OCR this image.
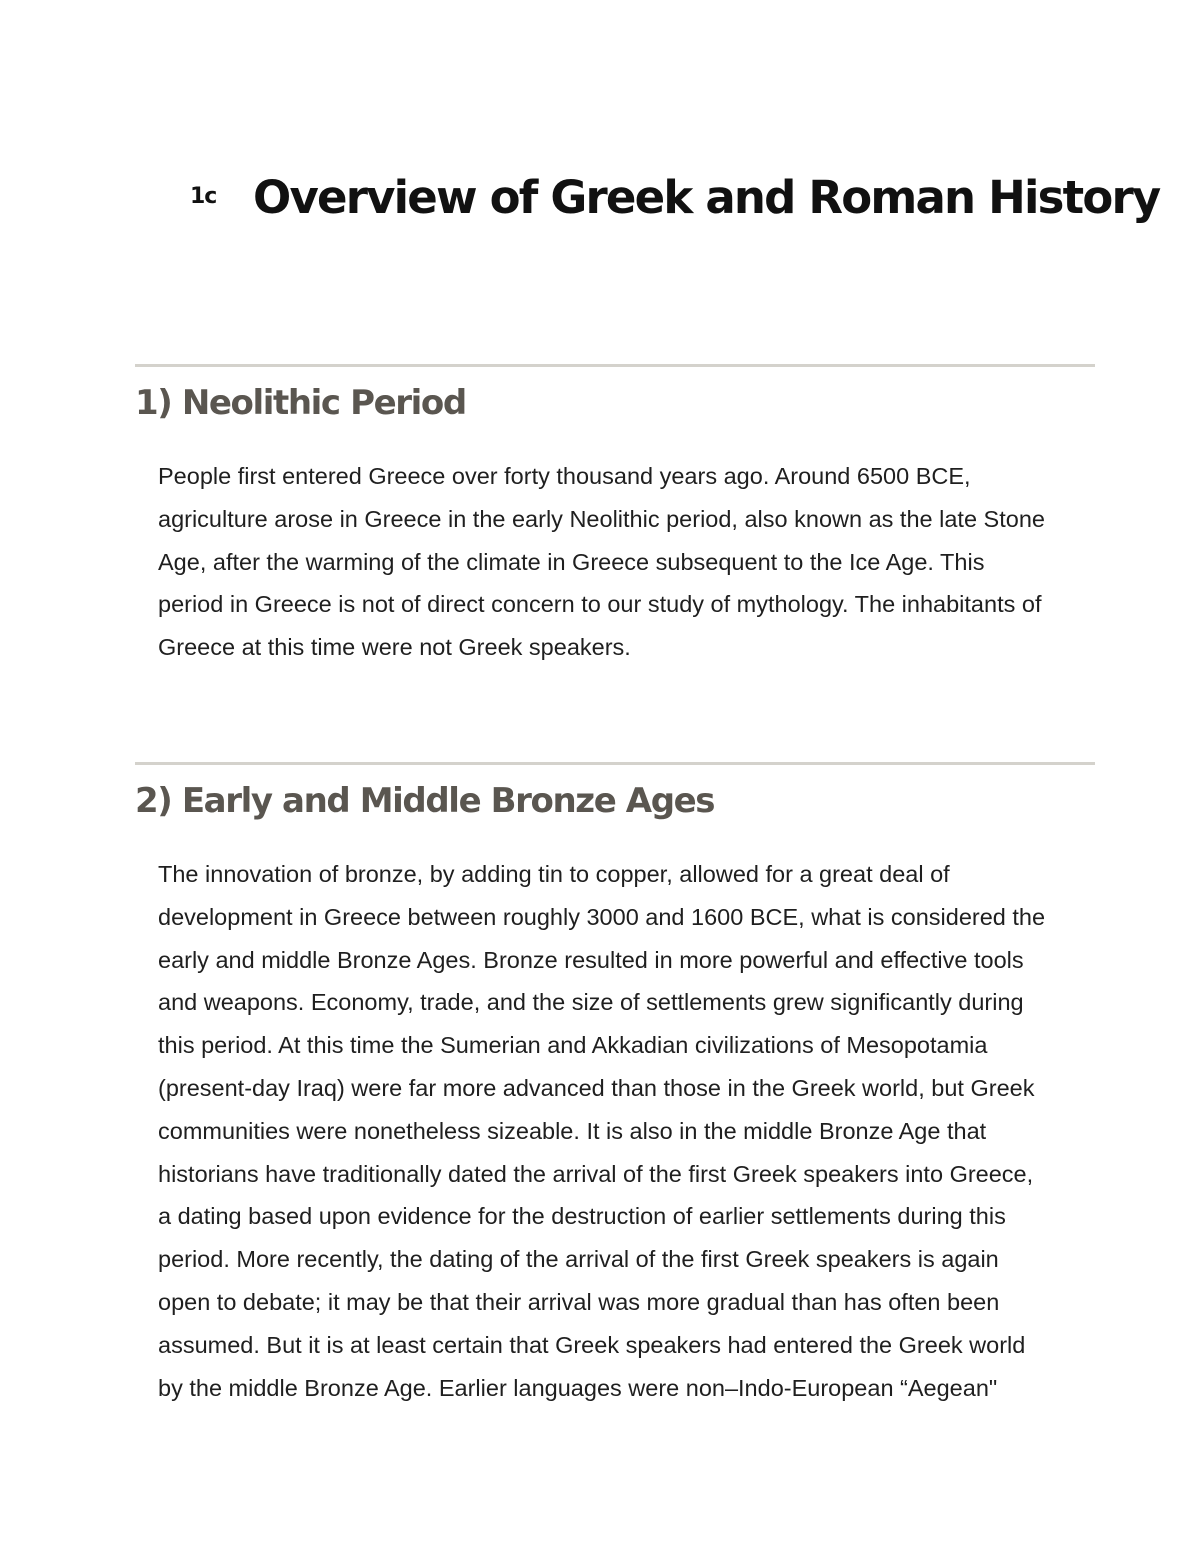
1c Overview of Greek and Roman History
1) Neolithic Period

People first entered Greece over forty thousand years ago. Around 6500 BCE, agriculture arose in Greece in the early Neolithic period, also known as the late Stone Age, after the warming of the climate in Greece subsequent to the Ice Age. This period in Greece is not of direct concern to our study of mythology. The inhabitants of Greece at this time were not Greek speakers.

2) Early and Middle Bronze Ages

The innovation of bronze, by adding tin to copper, allowed for a great deal of development in Greece between roughly 3000 and 1600 BCE, what is considered the early and middle Bronze Ages. Bronze resulted in more powerful and effective tools and weapons. Economy, trade, and the size of settlements grew significantly during this period. At this time the Sumerian and Akkadian civilizations of Mesopotamia (present-day Iraq) were far more advanced than those in the Greek world, but Greek communities were nonetheless sizeable. It is also in the middle Bronze Age that historians have traditionally dated the arrival of the first Greek speakers into Greece, a dating based upon evidence for the destruction of earlier settlements during this period. More recently, the dating of the arrival of the first Greek speakers is again open to debate; it may be that their arrival was more gradual than has often been assumed. But it is at least certain that Greek speakers had entered the Greek world by the middle Bronze Age. Earlier languages were non–Indo-European “Aegean"
